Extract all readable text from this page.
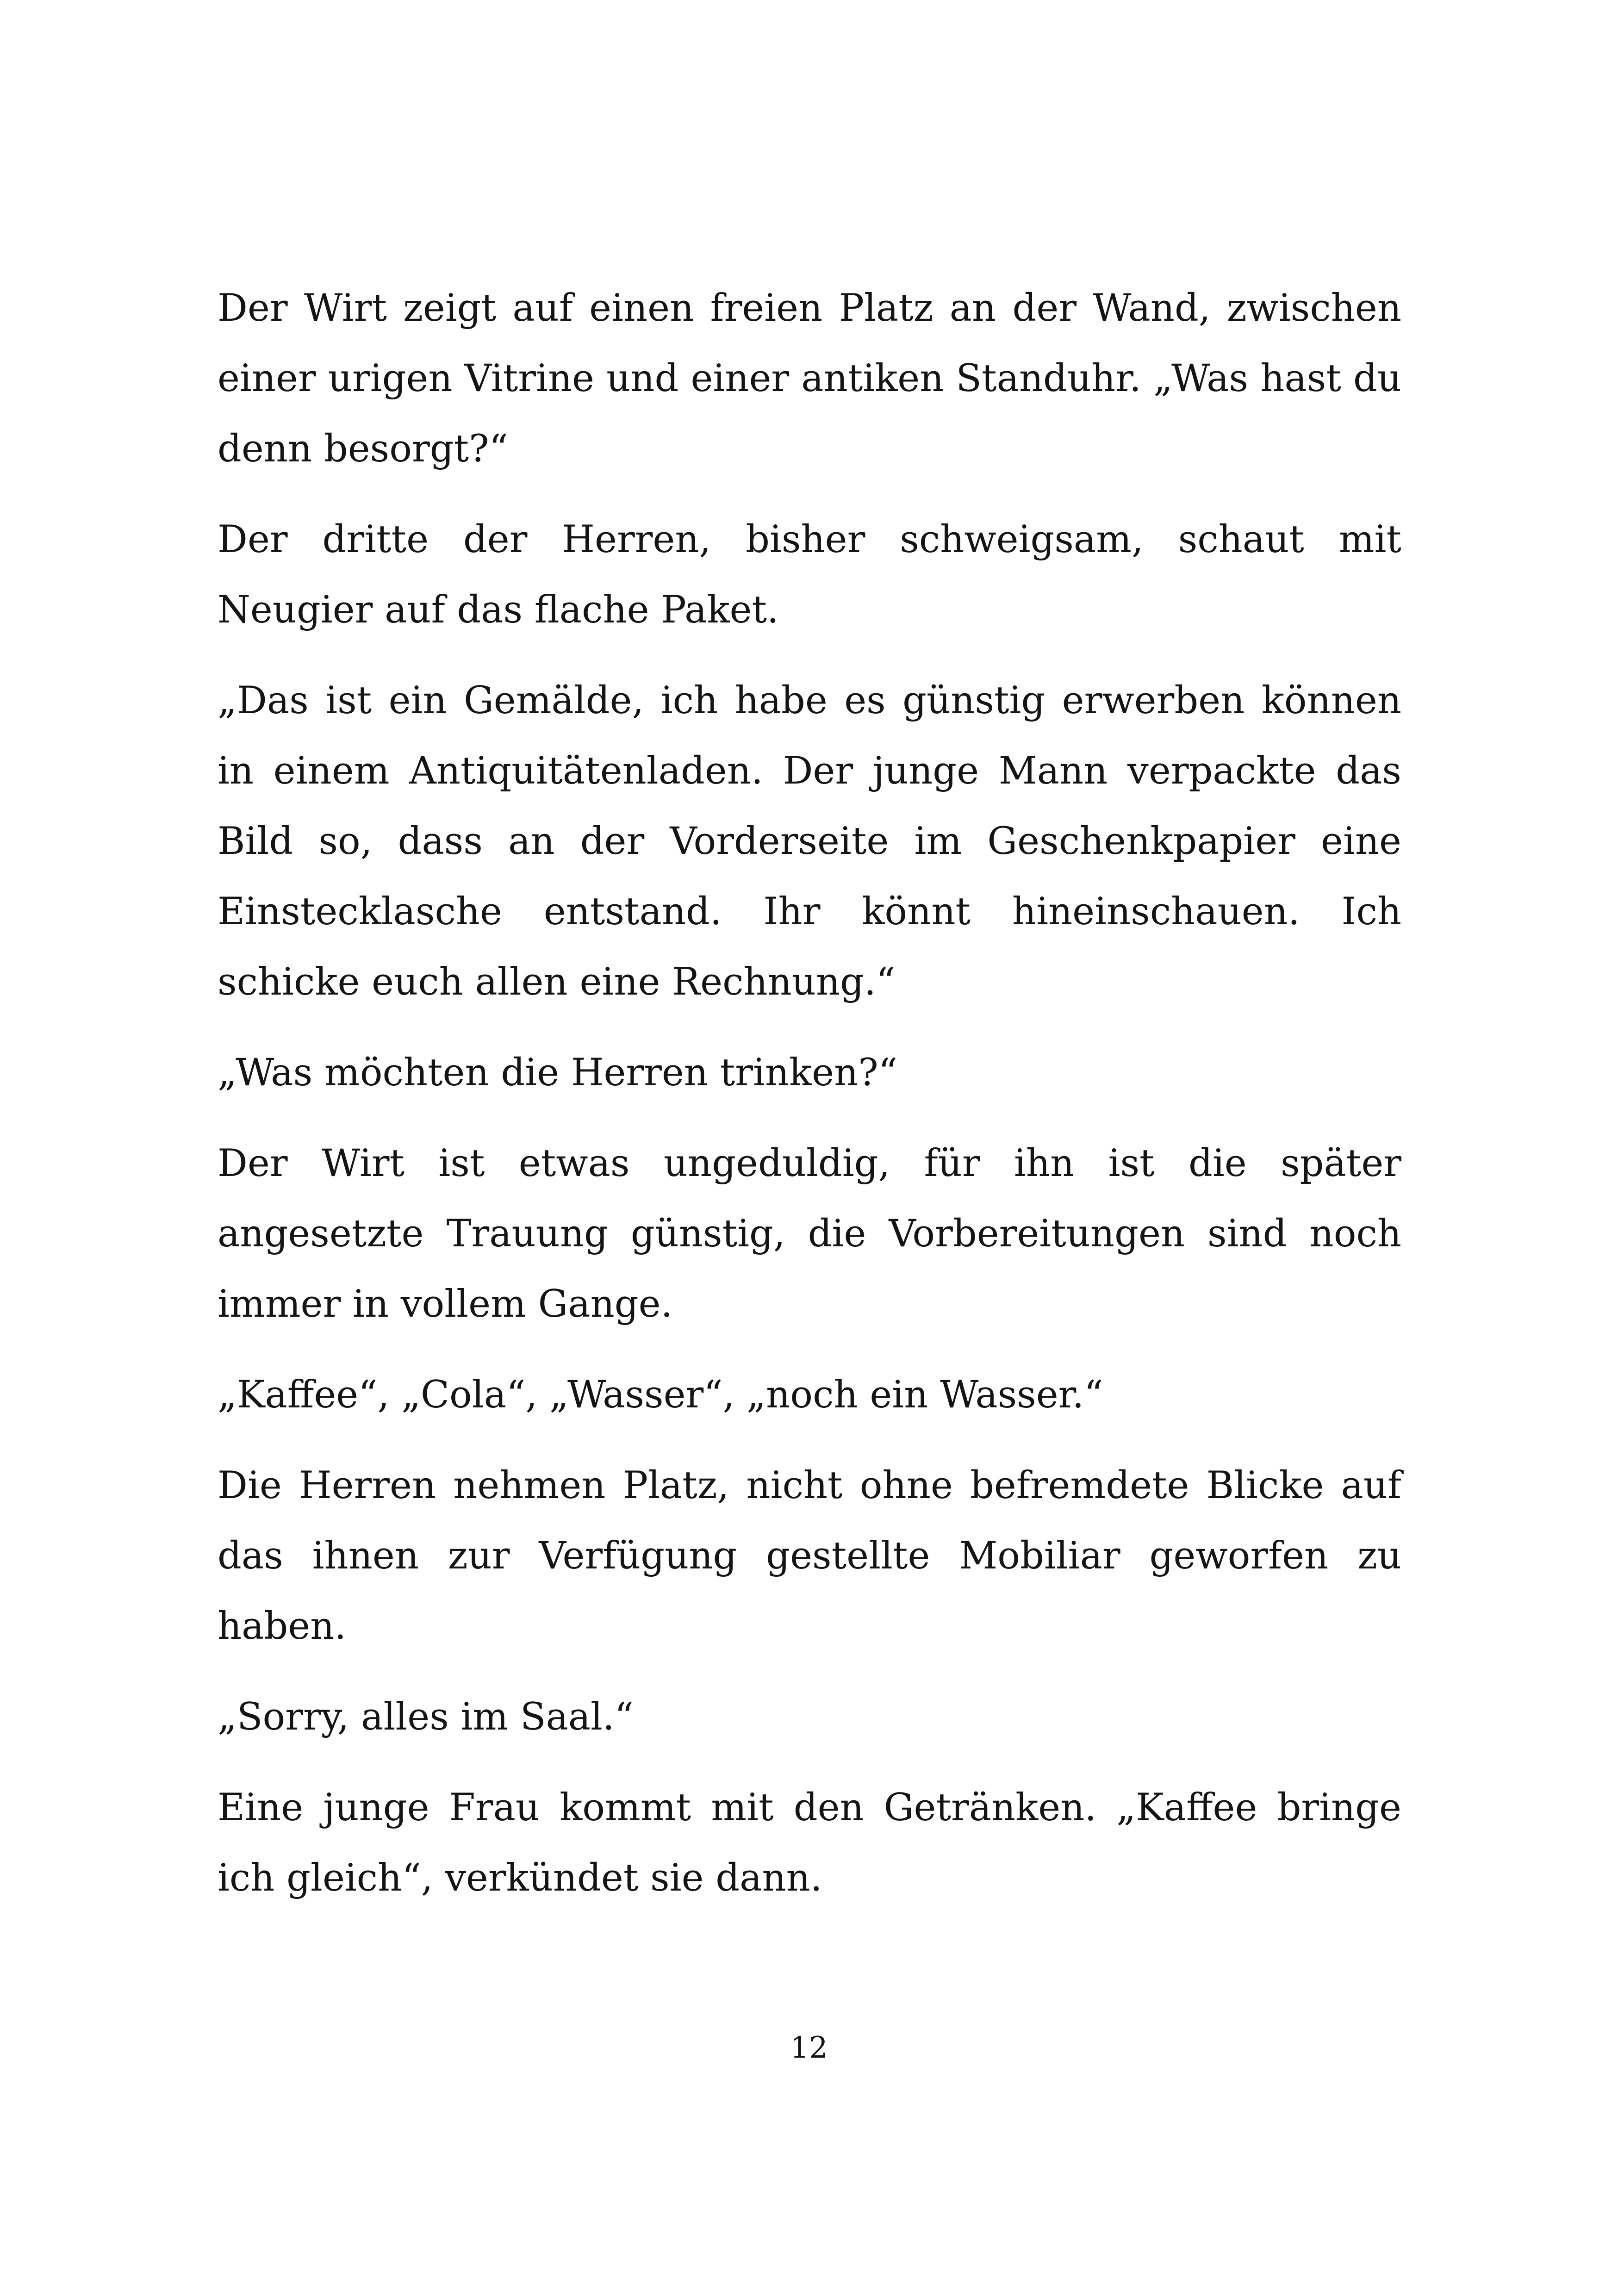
Der Wirt zeigt auf einen freien Platz an der Wand, zwischen einer urigen Vitrine und einer antiken Standuhr. „Was hast du denn besorgt?“

Der dritte der Herren, bisher schweigsam, schaut mit Neugier auf das flache Paket.

„Das ist ein Gemälde, ich habe es günstig erwerben können in einem Antiquitätenladen. Der junge Mann verpackte das Bild so, dass an der Vorderseite im Geschenkpapier eine Einstecklasche entstand. Ihr könnt hineinschauen. Ich schicke euch allen eine Rechnung.“

„Was möchten die Herren trinken?“

Der Wirt ist etwas ungeduldig, für ihn ist die später angesetzte Trauung günstig, die Vorbereitungen sind noch immer in vollem Gange.

„Kaffee“, „Cola“, „Wasser“, „noch ein Wasser.“

Die Herren nehmen Platz, nicht ohne befremdete Blicke auf das ihnen zur Verfügung gestellte Mobiliar geworfen zu haben.

„Sorry, alles im Saal.“

Eine junge Frau kommt mit den Getränken. „Kaffee bringe ich gleich“, verkündet sie dann.

12
